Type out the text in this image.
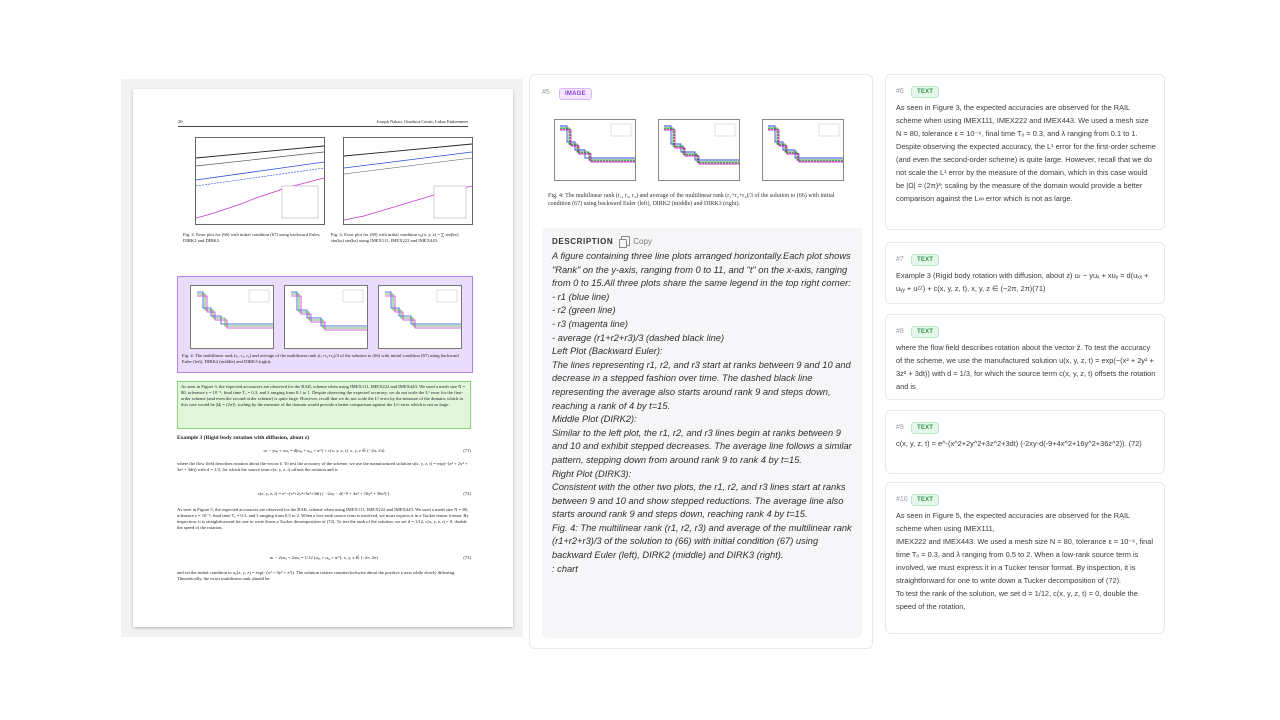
20	Joseph Nakao, Gianluca Ceruti, Lukas Einkemmer
Fig. 2: Error plot for (66) with initial condition (67) using backward Euler, DIRK2 and DIRK3.
Fig. 3: Error plot for (69) with initial condition u₀(x, y, z) = ∑ sin(kx) sin(ky) sin(kz) using IMEX111, IMEX222 and IMEX443.
Fig. 4: The multilinear rank (r₁, r₂, r₃) and average of the multilinear rank (r₁+r₂+r₃)/3 of the solution to (66) with initial condition (67) using backward Euler (left), DIRK2 (middle) and DIRK3 (right).
As seen in Figure 3, the expected accuracies are observed for the RAIL scheme when using IMEX111, IMEX222 and IMEX443. We used a mesh size N = 80, tolerance ε = 10⁻⁶, final time Tₒ = 0.3, and λ ranging from 0.1 to 1. Despite observing the expected accuracy, we do not scale the L¹ error for the first-order scheme (and even the second-order scheme) is quite large. However, recall that we do not scale the L¹ error by the measure of the domain, which in this case would be |Ω| = (2π)³; scaling by the measure of the domain would provide a better comparison against the L∞ error which is not as large.
Example 3 (Rigid body rotation with diffusion, about z)
uₜ − yuₓ + xuᵧ = d(uₓₓ + uᵧᵧ + uᶻᶻ) + c(x, y, z, t), x, y, z ∈ (−2π, 2π)	(71)
where the flow field describes rotation about the vector ẑ. To test the accuracy of the scheme, we use the manufactured solution u(x, y, z, t) = exp(−(x² + 2y² + 3z² + 3dt)) with d = 1/3, for which the source term c(x, y, z, t) offsets the rotation and is
c(x, y, z, t) = e^−(x²+2y²+3z²+3dt) ( −2xy − d(−9 + 4x² + 16y² + 36z²) ).	(72)
As seen in Figure 5, the expected accuracies are observed for the RAIL scheme when using IMEX111, IMEX222 and IMEX443. We used a mesh size N = 80, tolerance ε = 10⁻⁶, final time Tₒ = 0.3, and λ ranging from 0.5 to 2. When a low-rank source term is involved, we must express it in a Tucker tensor format. By inspection, it is straightforward for one to write down a Tucker decomposition of (72). To test the rank of the solution, we set d = 1/12, c(x, y, z, t) = 0, double the speed of the rotation,
uₜ − 2yuₓ + 2xuᵧ = 1/12 (uₓₓ + uᵧᵧ + uᶻᶻ), x, y, z ∈ (−2π, 2π)	(73)
and set the initial condition to u₀(x, y, z) = exp(−(x² + 9y² + z²)). The solution rotates counterclockwise about the positive z-axis while slowly diffusing. Theoretically, the exact multilinear rank should be
#5	IMAGE
Fig. 4: The multilinear rank (r₁, r₂, r₃) and average of the multilinear rank (r₁+r₂+r₃)/3 of the solution to (66) with initial condition (67) using backward Euler (left), DIRK2 (middle) and DIRK3 (right).
DESCRIPTION	Copy
A figure containing three line plots arranged horizontally.Each plot shows "Rank" on the y-axis, ranging from 0 to 11, and "t" on the x-axis, ranging from 0 to 15.All three plots share the same legend in the top right corner:
- r1 (blue line)
- r2 (green line)
- r3 (magenta line)
- average (r1+r2+r3)/3 (dashed black line)
Left Plot (Backward Euler):
The lines representing r1, r2, and r3 start at ranks between 9 and 10 and decrease in a stepped fashion over time. The dashed black line representing the average also starts around rank 9 and steps down, reaching a rank of 4 by t=15.
Middle Plot (DIRK2):
Similar to the left plot, the r1, r2, and r3 lines begin at ranks between 9 and 10 and exhibit stepped decreases. The average line follows a similar pattern, stepping down from around rank 9 to rank 4 by t=15.
Right Plot (DIRK3):
Consistent with the other two plots, the r1, r2, and r3 lines start at ranks between 9 and 10 and show stepped reductions. The average line also starts around rank 9 and steps down, reaching rank 4 by t=15.
Fig. 4: The multilinear rank (r1, r2, r3) and average of the multilinear rank (r1+r2+r3)/3 of the solution to (66) with initial condition (67) using backward Euler (left), DIRK2 (middle) and DIRK3 (right).
: chart
#6	TEXT
As seen in Figure 3, the expected accuracies are observed for the RAIL scheme when using IMEX111, IMEX222 and IMEX443. We used a mesh size N = 80, tolerance ε = 10⁻⁶, final time Tₒ = 0.3, and λ ranging from 0.1 to 1. Despite observing the expected accuracy, the L¹ error for the first-order scheme (and even the second-order scheme) is quite large. However, recall that we do not scale the L¹ error by the measure of the domain, which in this case would be |Ω| = (2π)³; scaling by the measure of the domain would provide a better comparison against the L∞ error which is not as large.
#7	TEXT
Example 3 (Rigid body rotation with diffusion, about z) uₜ − yuₓ + xuᵧ = d(uₓₓ + uᵧᵧ + uᶻᶻ) + c(x, y, z, t), x, y, z ∈ (−2π, 2π)(71)
#8	TEXT
where the flow field describes rotation about the vector ẑ. To test the accuracy of the scheme, we use the manufactured solution u(x, y, z, t) = exp(−(x² + 2y² + 3z² + 3dt)) with d = 1/3, for which the source term c(x, y, z, t) offsets the rotation and is
#9	TEXT
c(x, y, z, t) = e^-(x^2+2y^2+3z^2+3dt) (-2xy-d(-9+4x^2+16y^2+36z^2)). (72)
#10	TEXT
As seen in Figure 5, the expected accuracies are observed for the RAIL scheme when using IMEX111,
IMEX222 and IMEX443. We used a mesh size N = 80, tolerance ε = 10⁻⁶, final time Tₒ = 0.3, and λ ranging from 0.5 to 2. When a low-rank source term is involved, we must express it in a Tucker tensor format. By inspection, it is straightforward for one to write down a Tucker decomposition of (72).
To test the rank of the solution, we set d = 1/12, c(x, y, z, t) = 0, double the speed of the rotation,
